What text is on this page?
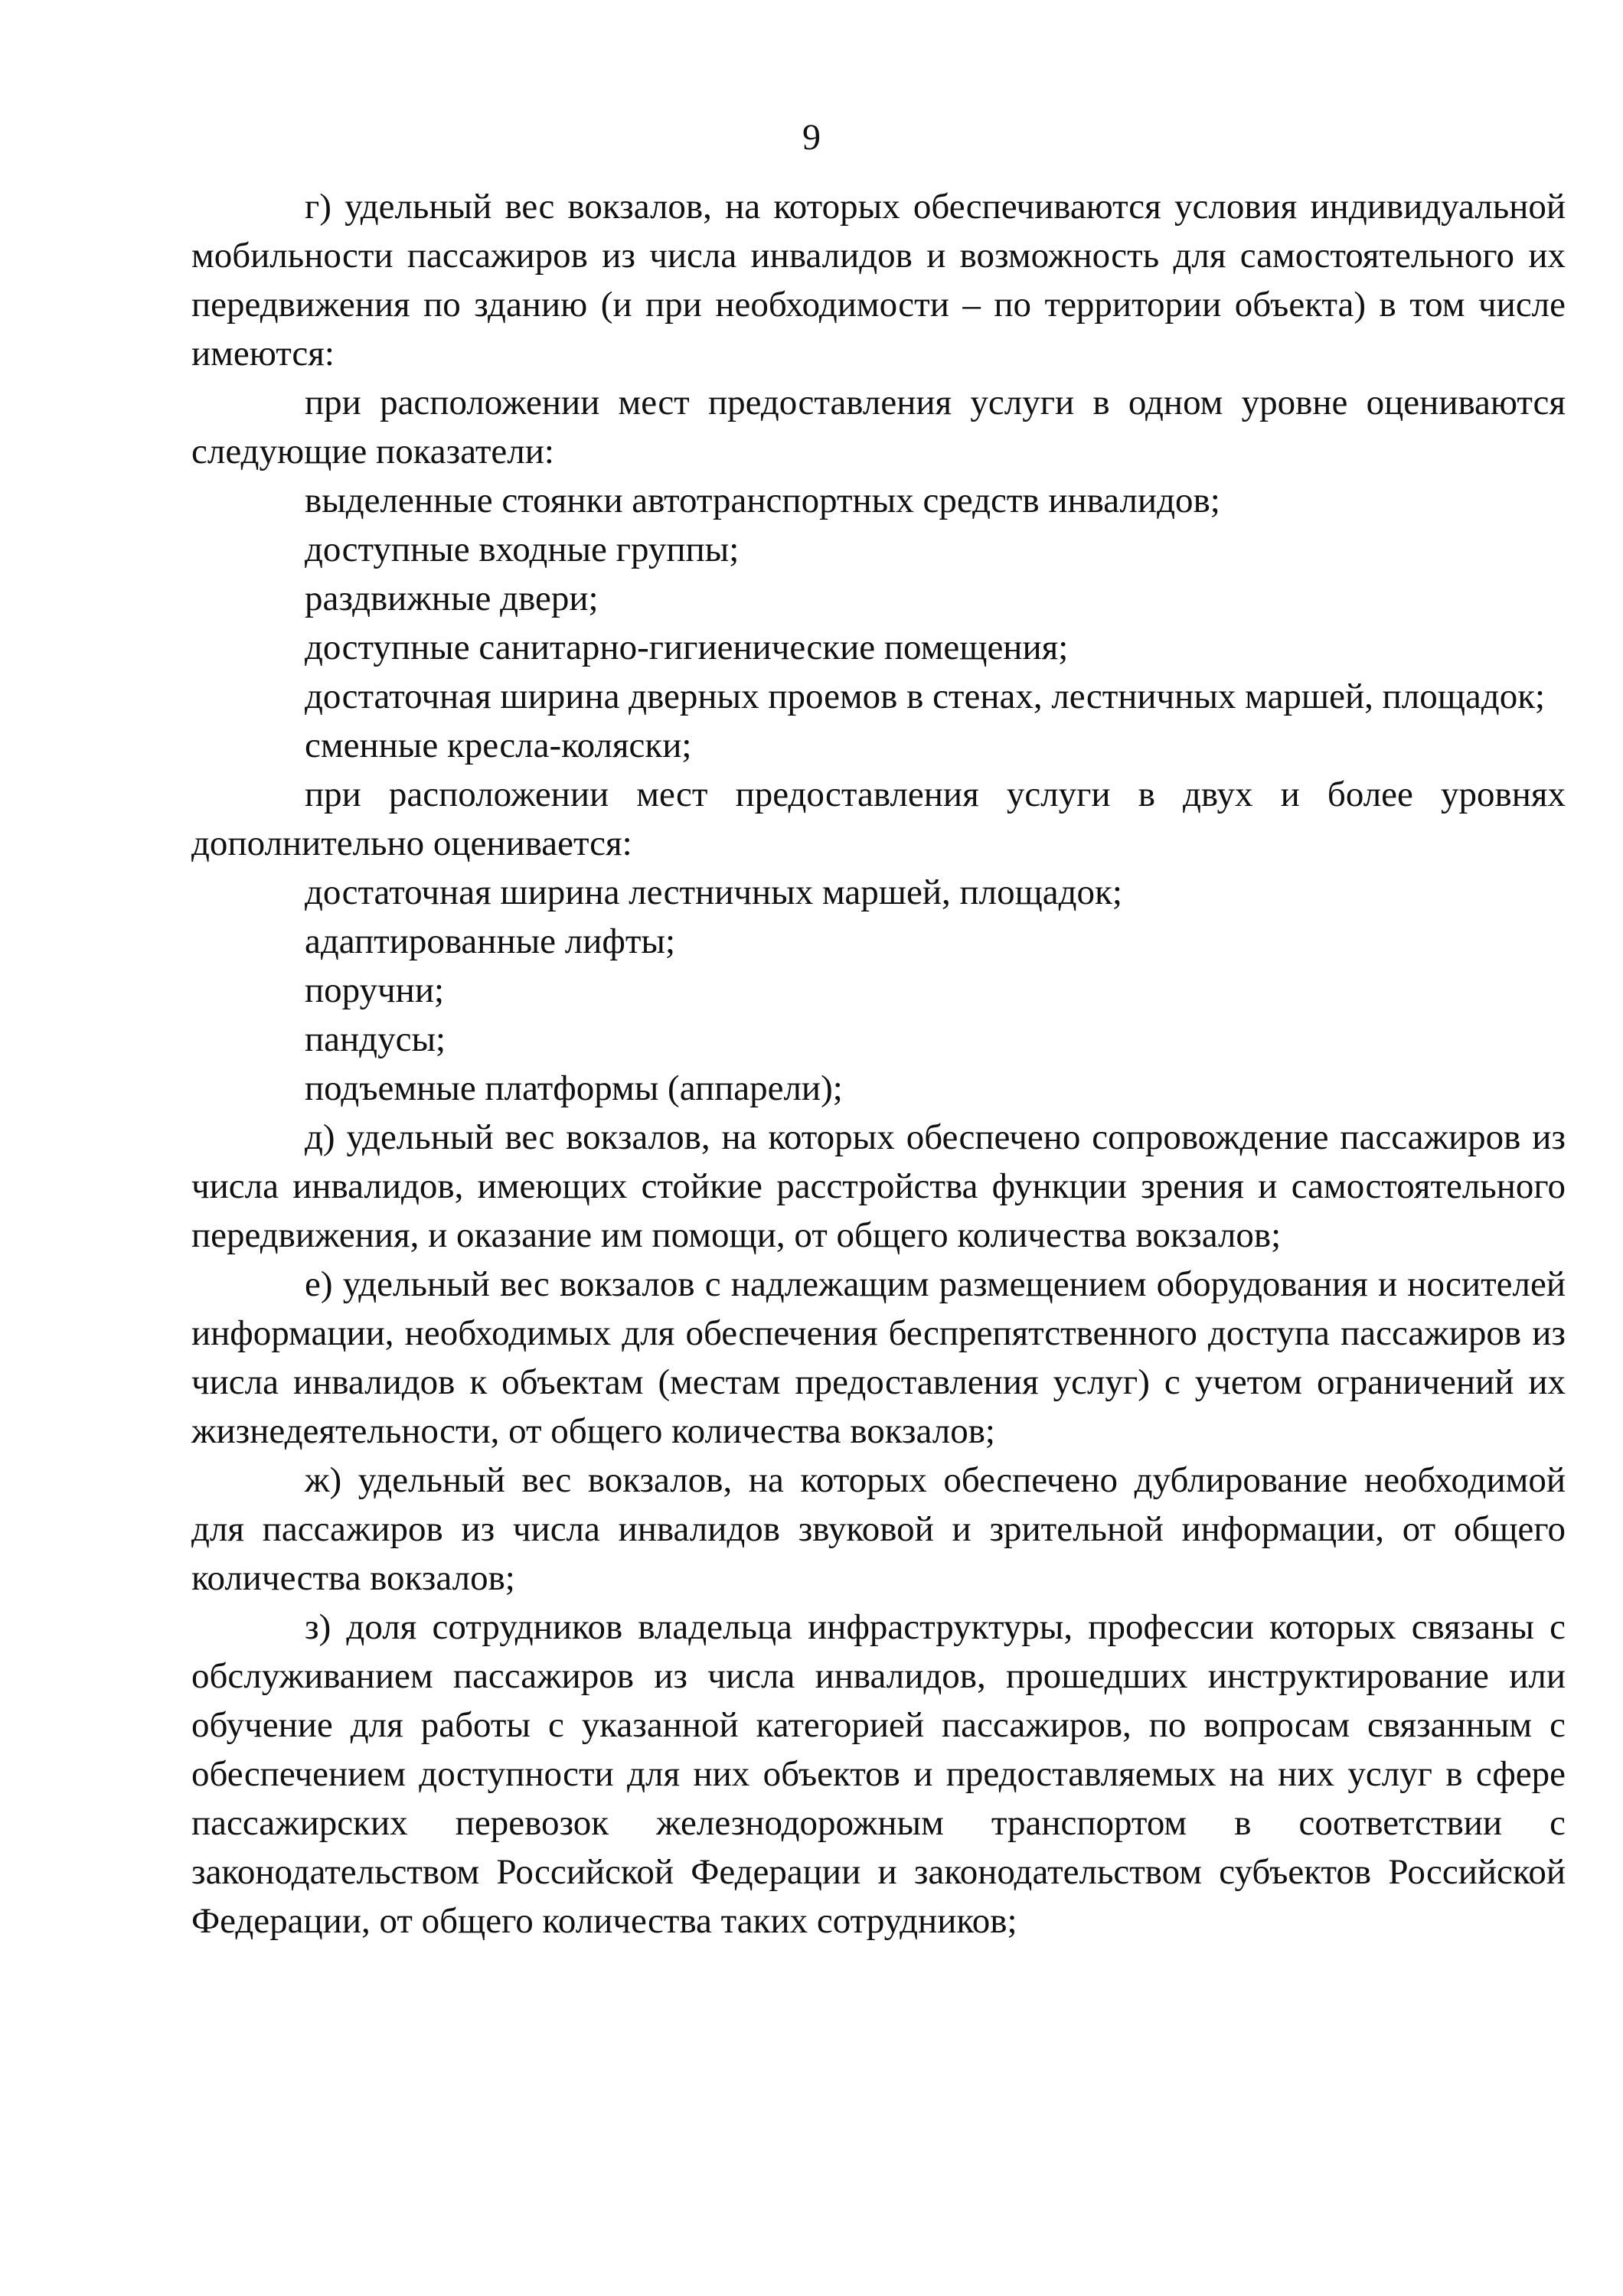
9

г) удельный вес вокзалов, на которых обеспечиваются условия индивидуальной мобильности пассажиров из числа инвалидов и возможность для самостоятельного их передвижения по зданию (и при необходимости – по территории объекта) в том числе имеются:

при расположении мест предоставления услуги в одном уровне оцениваются следующие показатели:

выделенные стоянки автотранспортных средств инвалидов;

доступные входные группы;

раздвижные двери;

доступные санитарно-гигиенические помещения;

достаточная ширина дверных проемов в стенах, лестничных маршей, площадок;

сменные кресла-коляски;

при расположении мест предоставления услуги в двух и более уровнях дополнительно оценивается:

достаточная ширина лестничных маршей, площадок;

адаптированные лифты;

поручни;

пандусы;

подъемные платформы (аппарели);

д) удельный вес вокзалов, на которых обеспечено сопровождение пассажиров из числа инвалидов, имеющих стойкие расстройства функции зрения и самостоятельного передвижения, и оказание им помощи, от общего количества вокзалов;

е) удельный вес вокзалов с надлежащим размещением оборудования и носителей информации, необходимых для обеспечения беспрепятственного доступа пассажиров из числа инвалидов к объектам (местам предоставления услуг) с учетом ограничений их жизнедеятельности, от общего количества вокзалов;

ж) удельный вес вокзалов, на которых обеспечено дублирование необходимой для пассажиров из числа инвалидов звуковой и зрительной информации, от общего количества вокзалов;

з) доля сотрудников владельца инфраструктуры, профессии которых связаны с обслуживанием пассажиров из числа инвалидов, прошедших инструктирование или обучение для работы с указанной категорией пассажиров, по вопросам связанным с обеспечением доступности для них объектов и предоставляемых на них услуг в сфере пассажирских перевозок железнодорожным транспортом в соответствии с законодательством Российской Федерации и законодательством субъектов Российской Федерации, от общего количества таких сотрудников;
